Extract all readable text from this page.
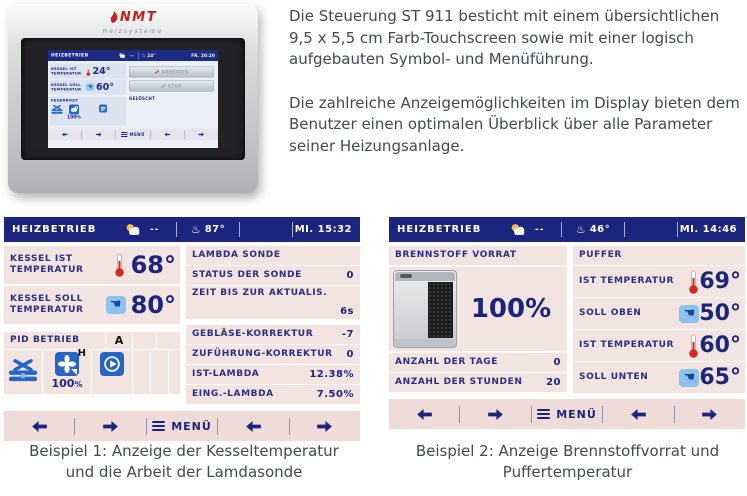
NMT
Heizsysteme
HEIZBETRIEB	-- ♨ 24°	FR. 20:20
KESSEL IST TEMPERATUR 24°
KESSEL SOLL TEMPERATUR ☚ 60°
FEUERROST
100%
ANHEIZEN
STOP
GELÖSCHT
MENÜ

Die Steuerung ST 911 besticht mit einem übersichtlichen 9,5 x 5,5 cm Farb-Touchscreen sowie mit einer logisch aufgebauten Symbol- und Menüführung.

Die zahlreiche Anzeigemöglichkeiten im Display bieten dem Benutzer einen optimalen Überblick über alle Parameter seiner Heizungsanlage.

HEIZBETRIEB	--	♨ 87°	MI. 15:32
KESSEL IST
TEMPERATUR	68°
KESSEL SOLL
TEMPERATUR	☚ 80°
PID BETRIEB	A
H
100%
LAMBDA SONDE
STATUS DER SONDE	0
ZEIT BIS ZUR AKTUALIS.
6s
GEBLÄSE-KORREKTUR	-7
ZUFÜHRUNG-KORREKTUR 0
IST-LAMBDA	12.38%
EING.-LAMBDA	7.50%
MENÜ
HEIZBETRIEB	--	♨ 46°	MI. 14:46
BRENNSTOFF VORRAT
100%
ANZAHL DER TAGE	0
ANZAHL DER STUNDEN 20
PUFFER
IST TEMPERATUR	69°
SOLL OBEN	☚ 50°
IST TEMPERATUR	60°
SOLL UNTEN	☚ 65°
MENÜ
Beispiel 1: Anzeige der Kesseltemperatur
und die Arbeit der Lamdasonde
Beispiel 2: Anzeige Brennstoffvorrat und
Puffertemperatur
